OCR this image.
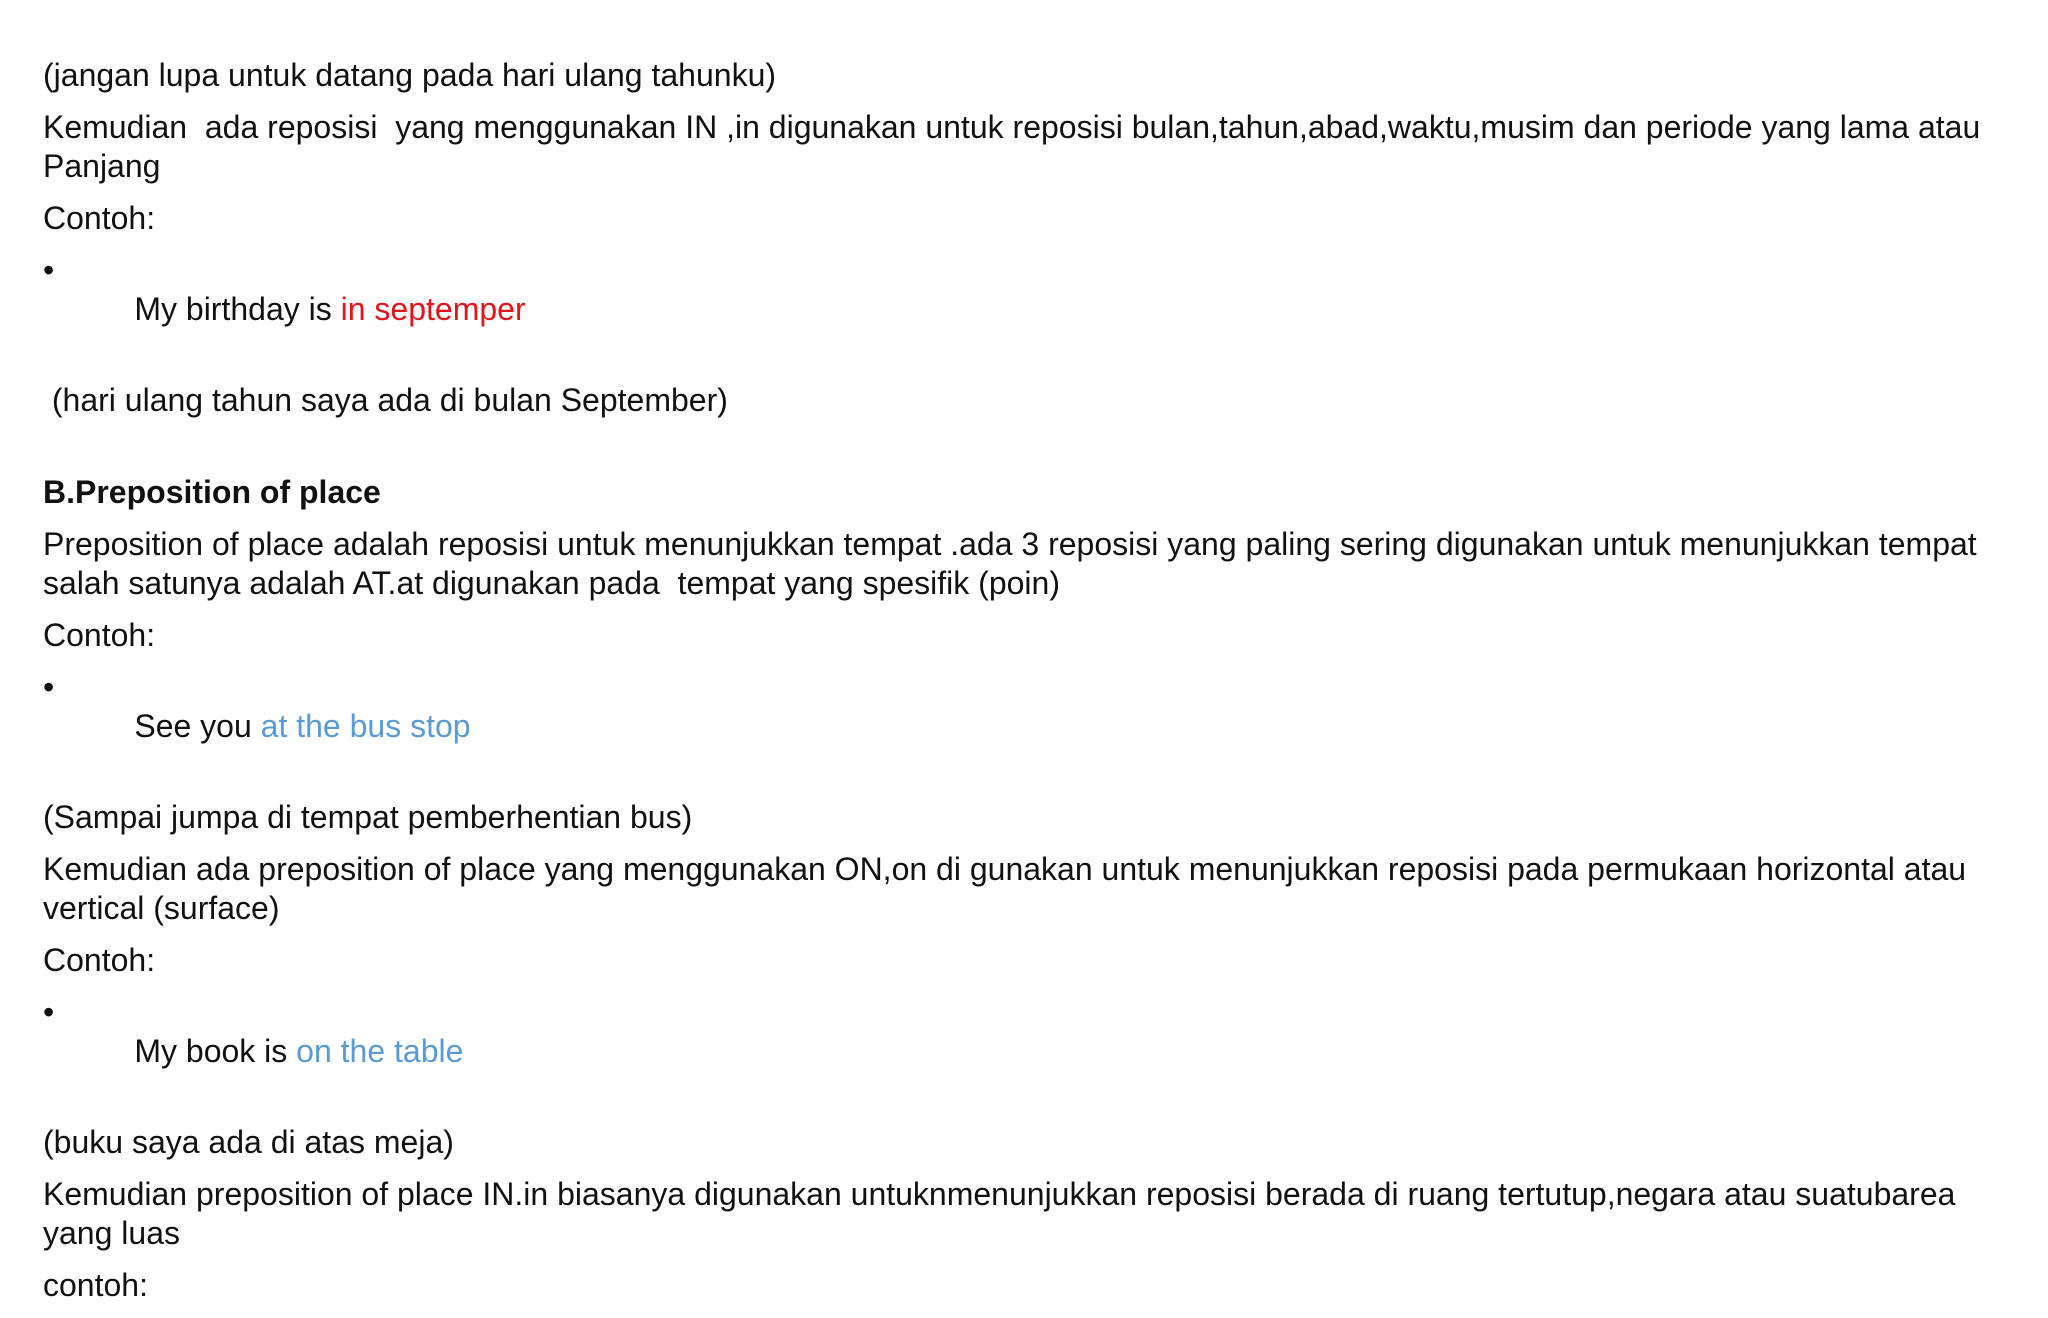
(jangan lupa untuk datang pada hari ulang tahunku)

Kemudian  ada reposisi  yang menggunakan IN ,in digunakan untuk reposisi bulan,tahun,abad,waktu,musim dan periode yang lama atau Panjang

Contoh:

•
My birthday is in septemper

(hari ulang tahun saya ada di bulan September)

B.Preposition of place

Preposition of place adalah reposisi untuk menunjukkan tempat .ada 3 reposisi yang paling sering digunakan untuk menunjukkan tempat salah satunya adalah AT.at digunakan pada  tempat yang spesifik (poin)

Contoh:

•
See you at the bus stop

(Sampai jumpa di tempat pemberhentian bus)

Kemudian ada preposition of place yang menggunakan ON,on di gunakan untuk menunjukkan reposisi pada permukaan horizontal atau vertical (surface)

Contoh:

•
My book is on the table

(buku saya ada di atas meja)

Kemudian preposition of place IN.in biasanya digunakan untuknmenunjukkan reposisi berada di ruang tertutup,negara atau suatubarea yang luas

contoh:
